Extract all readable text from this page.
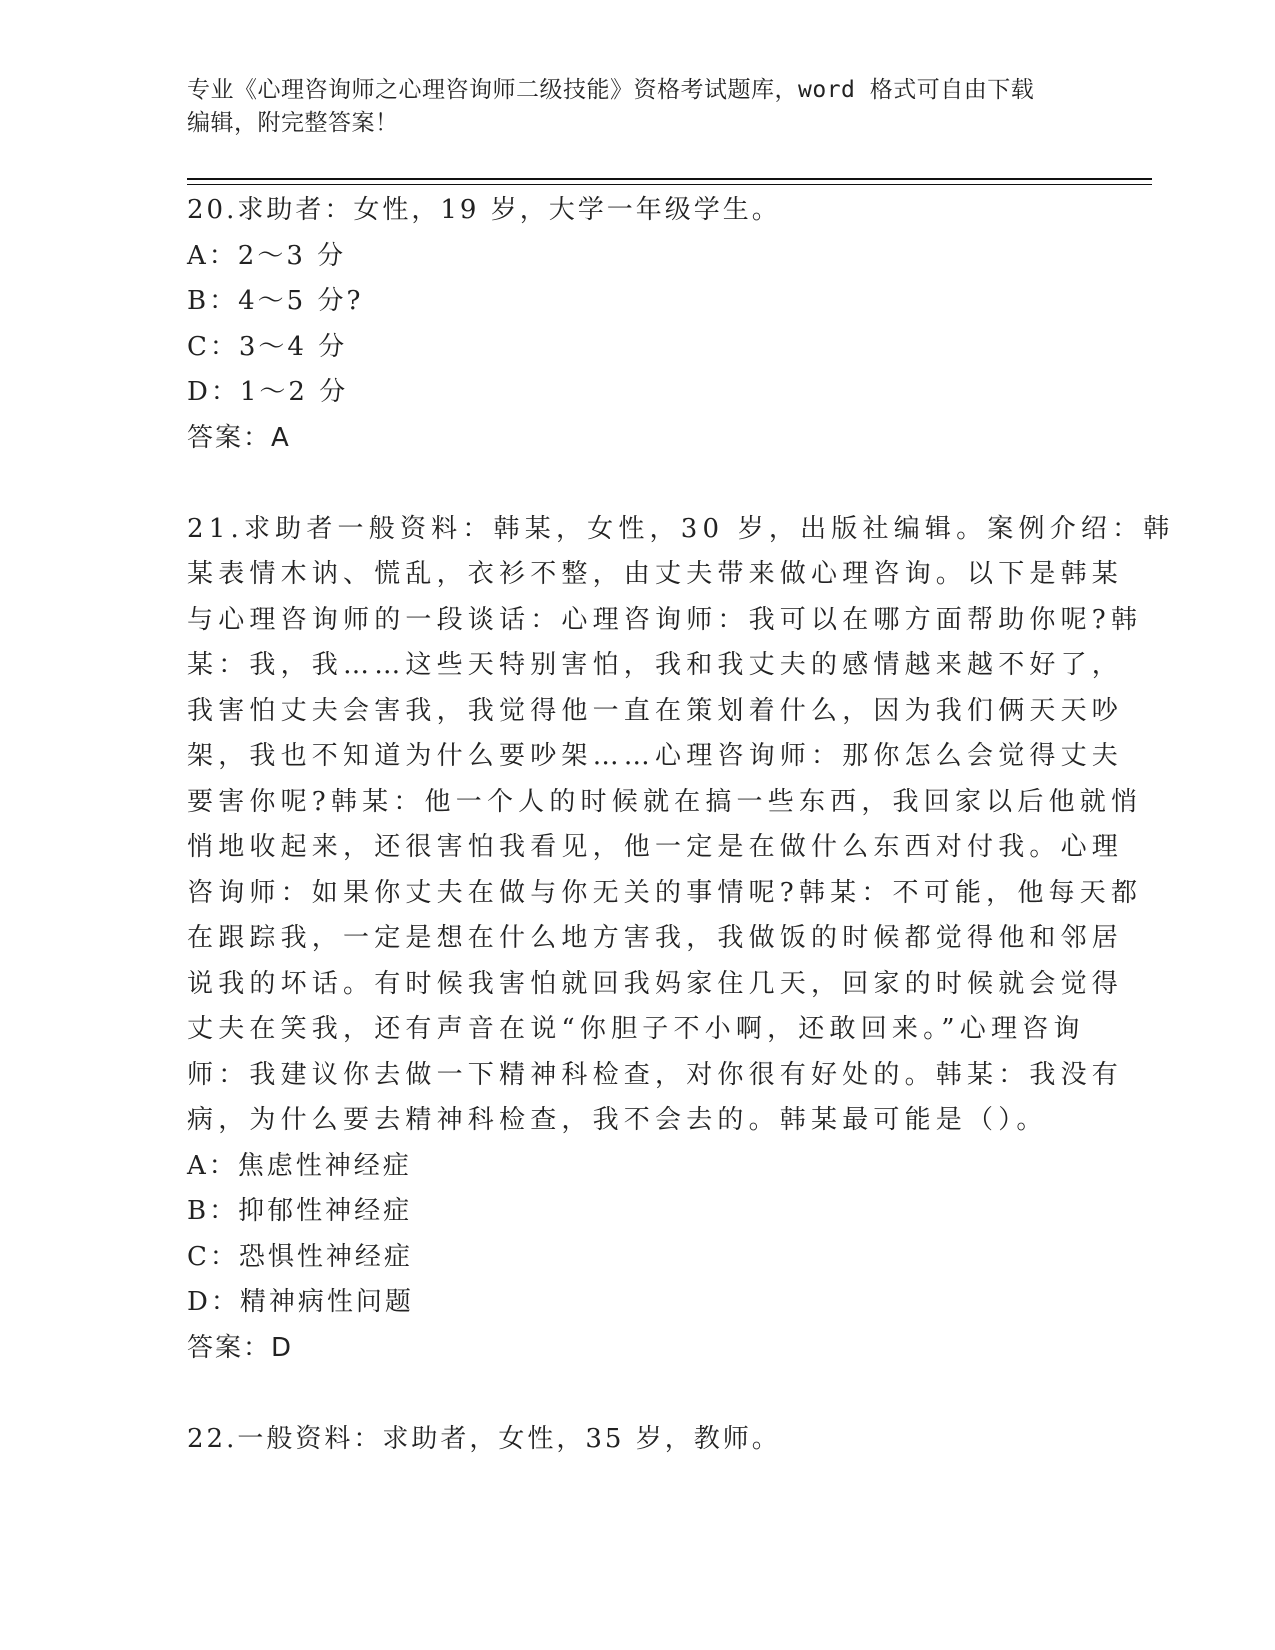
专业《心理咨询师之心理咨询师二级技能》资格考试题库，word 格式可自由下载
编辑，附完整答案！
20.求助者：女性，19 岁，大学一年级学生。
A：2～3 分
B：4～5 分?
C：3～4 分
D：1～2 分
答案：A
21.求助者一般资料：韩某，女性，30 岁，出版社编辑。案例介绍：韩
某表情木讷、慌乱，衣衫不整，由丈夫带来做心理咨询。以下是韩某
与心理咨询师的一段谈话：心理咨询师：我可以在哪方面帮助你呢?韩
某：我，我……这些天特别害怕，我和我丈夫的感情越来越不好了，
我害怕丈夫会害我，我觉得他一直在策划着什么，因为我们俩天天吵
架，我也不知道为什么要吵架……心理咨询师：那你怎么会觉得丈夫
要害你呢?韩某：他一个人的时候就在搞一些东西，我回家以后他就悄
悄地收起来，还很害怕我看见，他一定是在做什么东西对付我。心理
咨询师：如果你丈夫在做与你无关的事情呢?韩某：不可能，他每天都
在跟踪我，一定是想在什么地方害我，我做饭的时候都觉得他和邻居
说我的坏话。有时候我害怕就回我妈家住几天，回家的时候就会觉得
丈夫在笑我，还有声音在说“你胆子不小啊，还敢回来。”心理咨询
师：我建议你去做一下精神科检查，对你很有好处的。韩某：我没有
病，为什么要去精神科检查，我不会去的。韩某最可能是（）。
A：焦虑性神经症
B：抑郁性神经症
C：恐惧性神经症
D：精神病性问题
答案：D
22.一般资料：求助者，女性，35 岁，教师。
